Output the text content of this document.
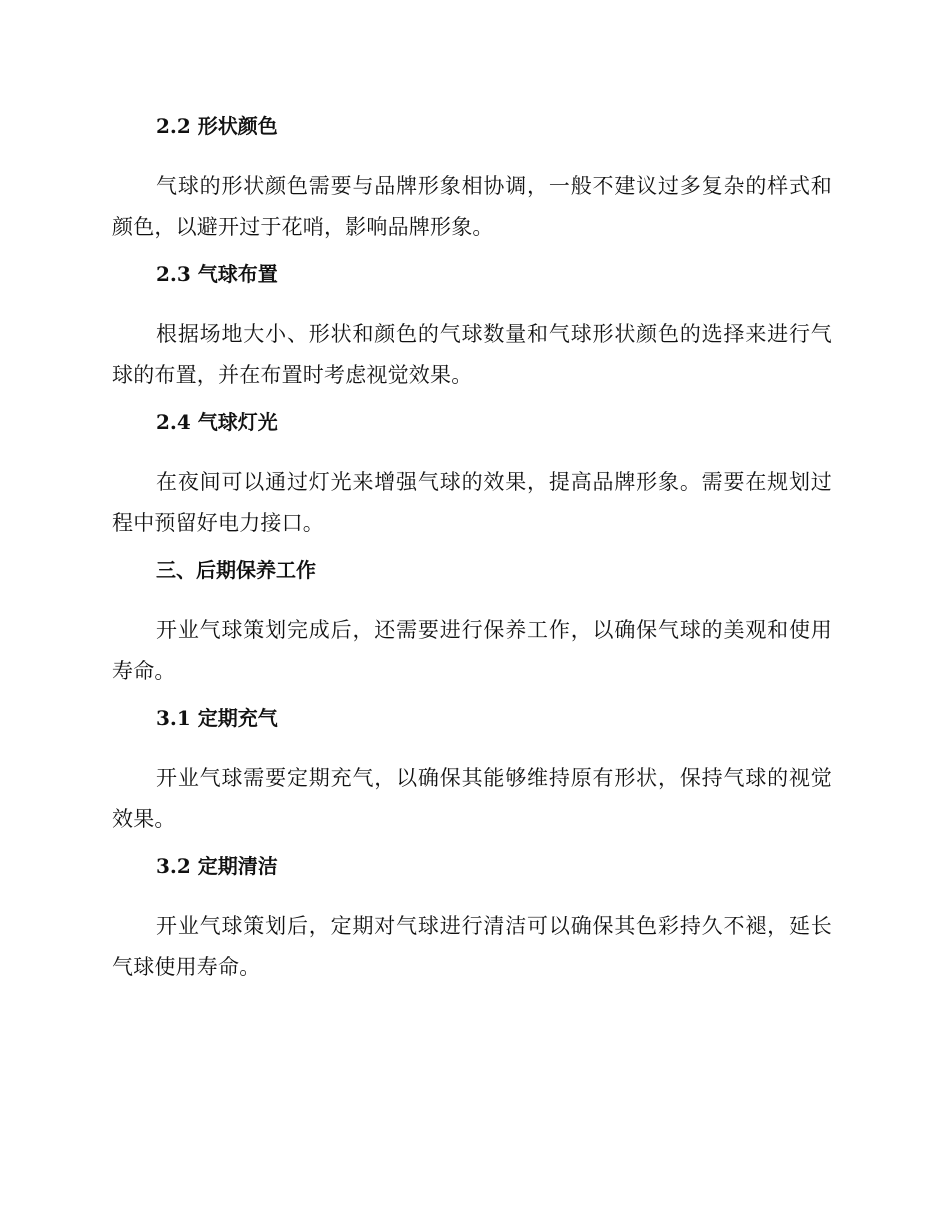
2.2 形状颜色

气球的形状颜色需要与品牌形象相协调，一般不建议过多复杂的样式和颜色，以避开过于花哨，影响品牌形象。

2.3 气球布置

根据场地大小、形状和颜色的气球数量和气球形状颜色的选择来进行气球的布置，并在布置时考虑视觉效果。

2.4 气球灯光

在夜间可以通过灯光来增强气球的效果，提高品牌形象。需要在规划过程中预留好电力接口。

三、后期保养工作

开业气球策划完成后，还需要进行保养工作，以确保气球的美观和使用寿命。

3.1 定期充气

开业气球需要定期充气，以确保其能够维持原有形状，保持气球的视觉效果。

3.2 定期清洁

开业气球策划后，定期对气球进行清洁可以确保其色彩持久不褪，延长气球使用寿命。
